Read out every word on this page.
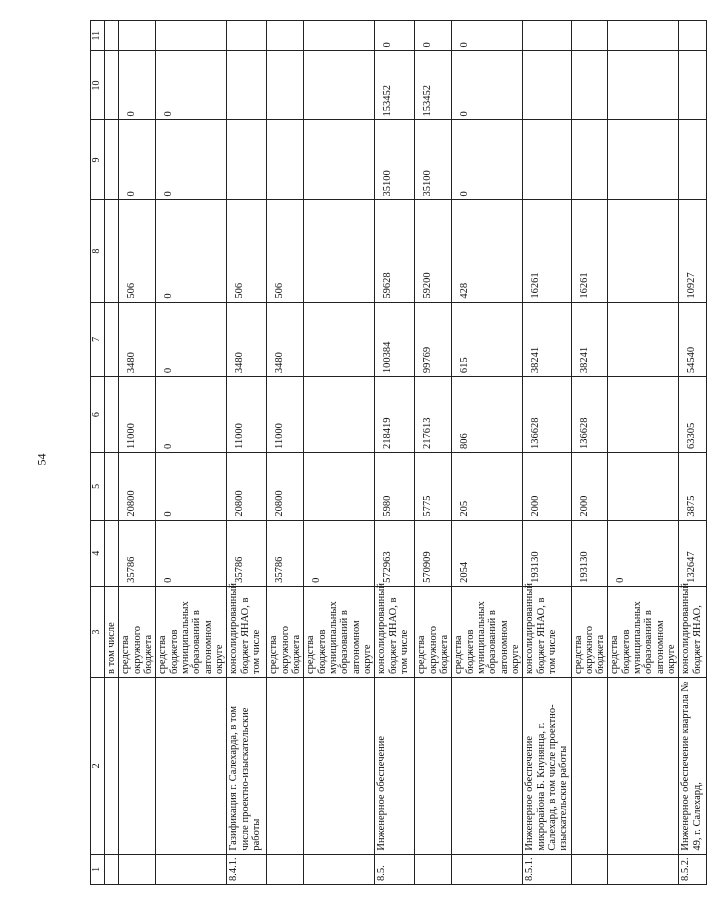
54
1	2	3	4	5	6	7	8	9	10	11
		в том числе								
		средства окружного бюджета	35786	20800	11000	3480	506	0	0	
		средства бюджетов муниципальных образований в автономном округе	0	0	0	0	0	0	0	
8.4.1.	Газификация г. Салехарда, в том числе проектно-изыскательские работы	консолидированный бюджет ЯНАО, в том числе	35786	20800	11000	3480	506			
		средства окружного бюджета	35786	20800	11000	3480	506			
		средства бюджетов муниципальных образований в автономном округе	0							
8.5.	Инженерное обеспечение	консолидированный бюджет ЯНАО, в том числе	572963	5980	218419	100384	59628	35100	153452	0
		средства окружного бюджета	570909	5775	217613	99769	59200	35100	153452	0
		средства бюджетов муниципальных образований в автономном округе	2054	205	806	615	428	0	0	0
8.5.1.	Инженерное обеспечение микрорайона Б. Кнунянца, г. Салехард, в том числе проектно-изыскательские работы	консолидированный бюджет ЯНАО, в том числе	193130	2000	136628	38241	16261			
		средства окружного бюджета	193130	2000	136628	38241	16261			
		средства бюджетов муниципальных образований в автономном округе	0							
8.5.2.	Инженерное обеспечение квартала № 49, г. Салехард,	консолидированный бюджет ЯНАО,	132647	3875	63305	54540	10927			
